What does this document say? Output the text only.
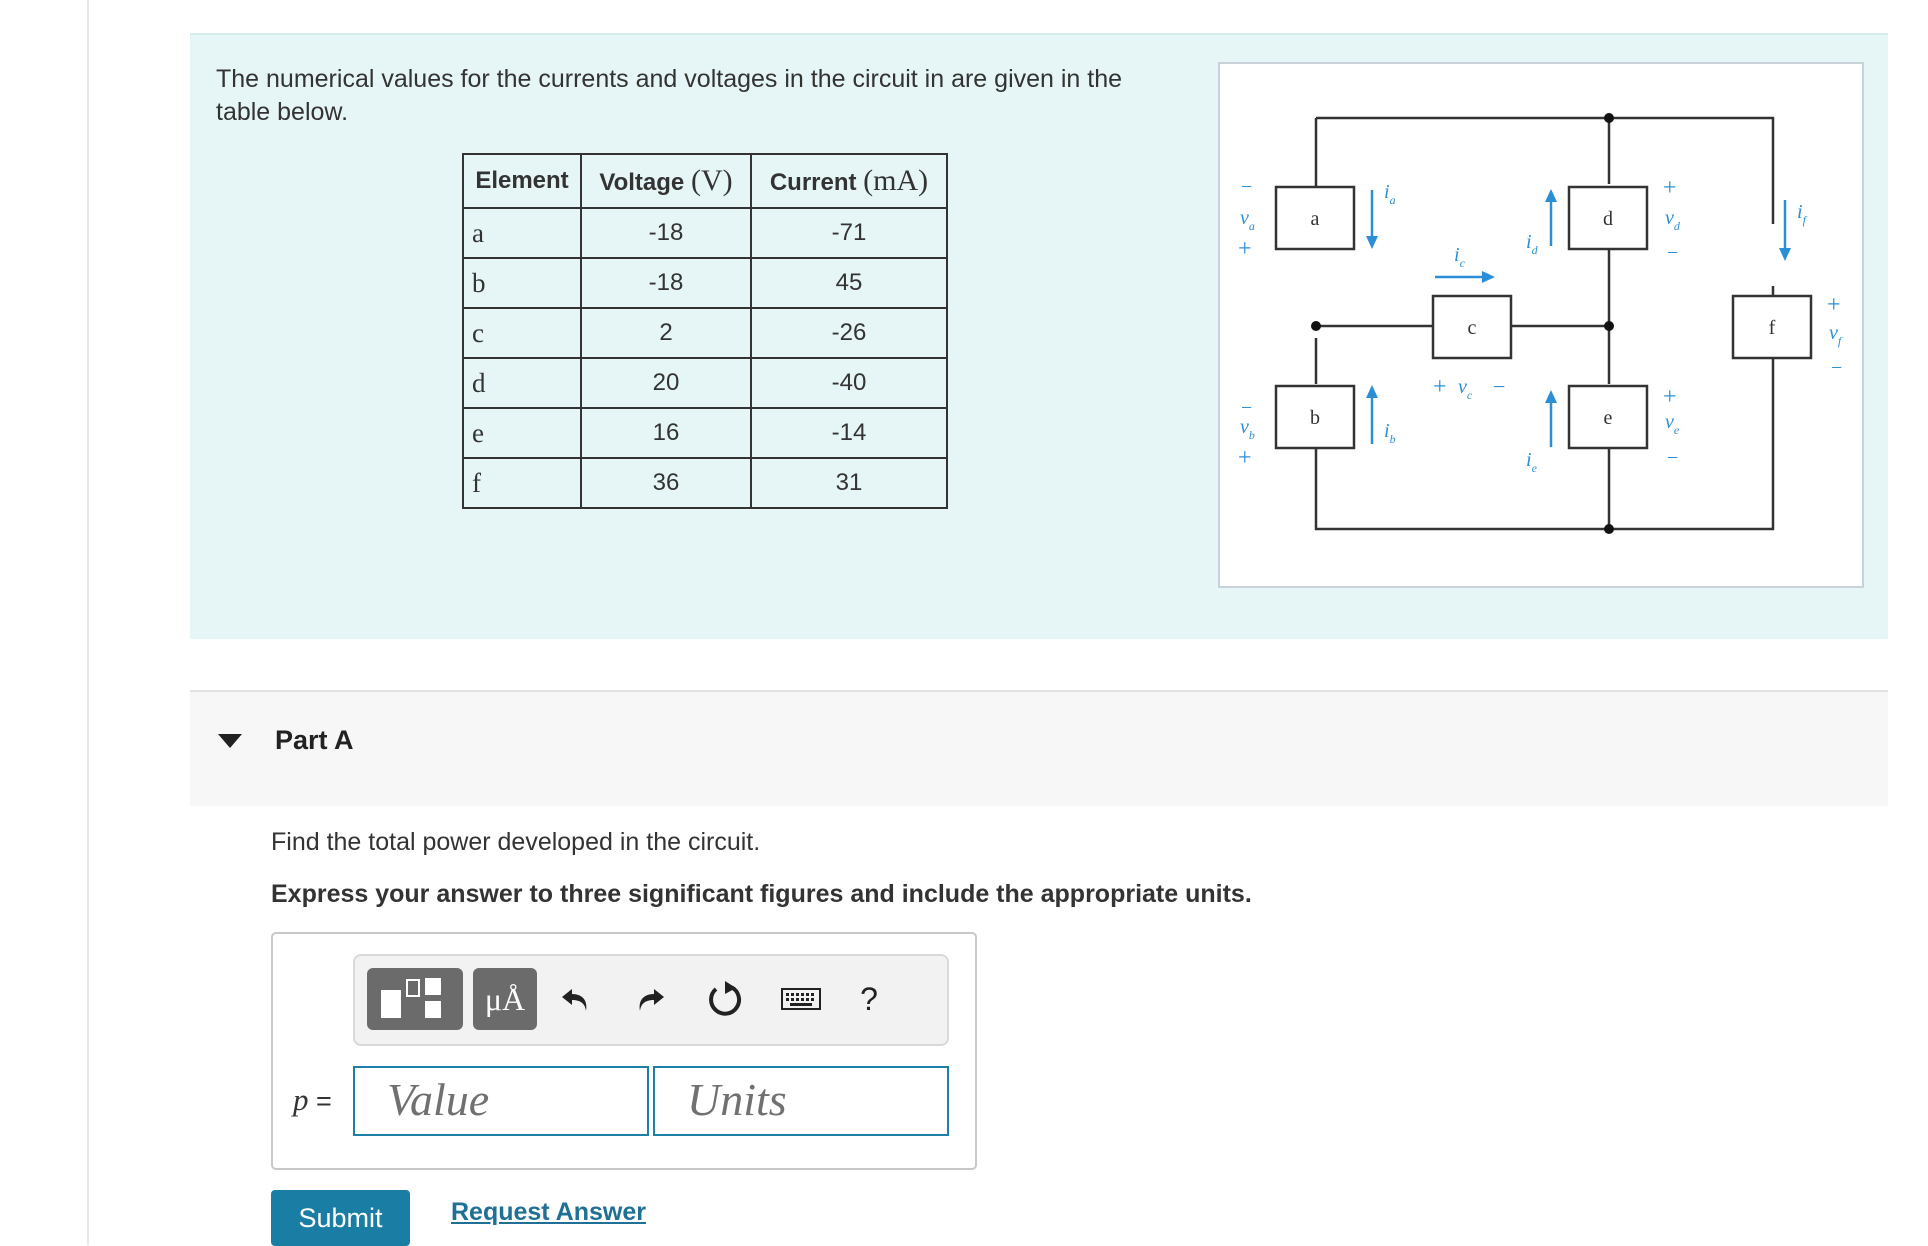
The numerical values for the currents and voltages in the circuit in are given in the table below.
Element	Voltage (V)	Current (mA)
a	-18	-71
b	-18	45
c	2	-26
d	20	-40
e	16	-14
f	36	31
a
b
c
d
e
f
$i_a$
$i_b$
$i_c$
$i_d$
$i_e$
$i_f$
−
$v_a$
+
−
$v_b$
+
+ $v_c$ −
+
$v_d$
−
+
$v_e$
−
+
$v_f$
−
Part A
Find the total power developed in the circuit.
Express your answer to three significant figures and include the appropriate units.
μÅ	?
p =	Value	Units
Submit	Request Answer
